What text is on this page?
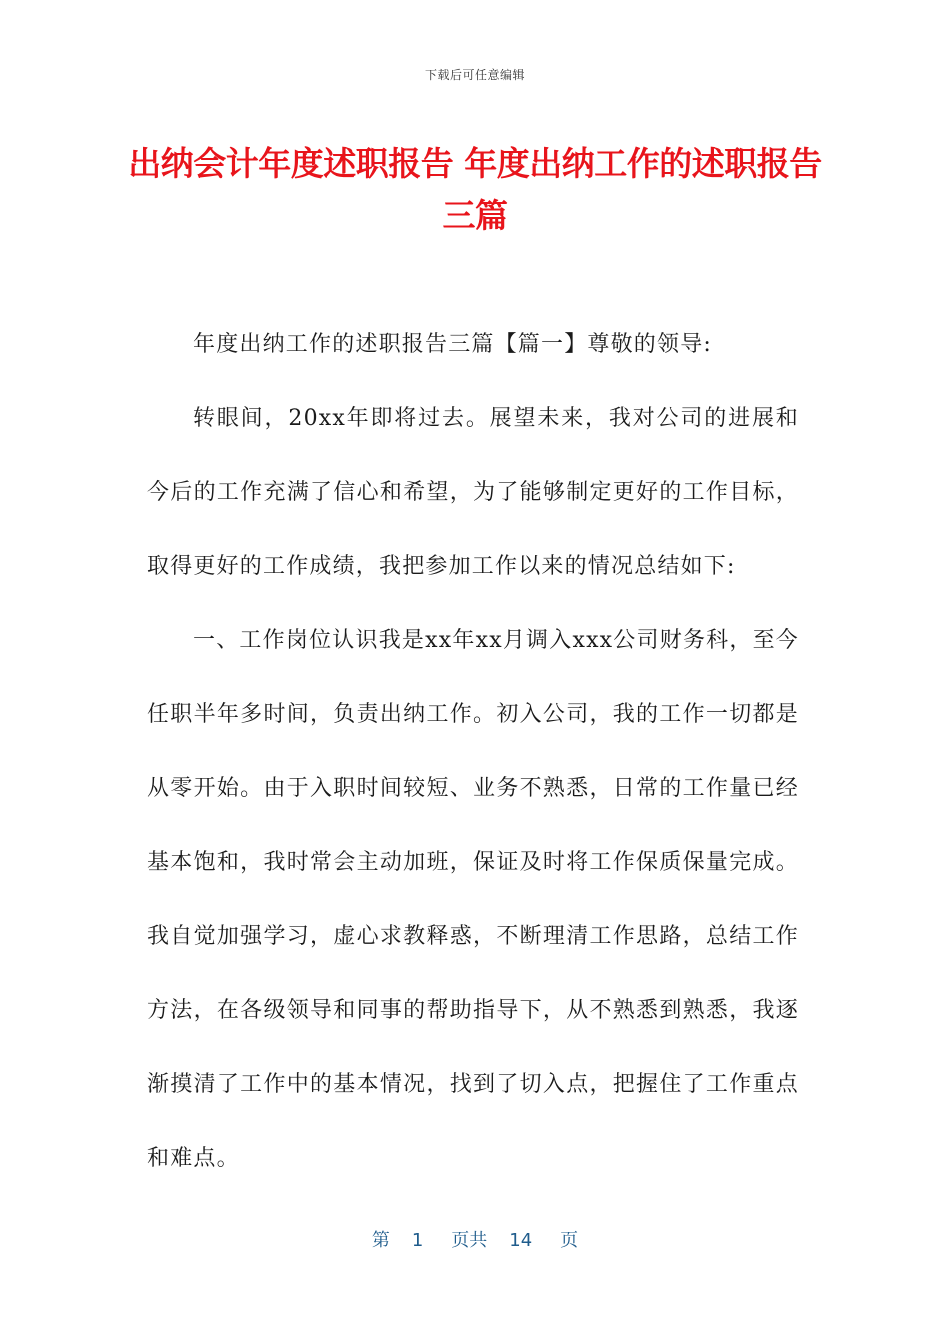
下载后可任意编辑
出纳会计年度述职报告 年度出纳工作的述职报告三篇

年度出纳工作的述职报告三篇【篇一】尊敬的领导:

转眼间，20xx年即将过去。展望未来，我对公司的进展和今后的工作充满了信心和希望，为了能够制定更好的工作目标，取得更好的工作成绩，我把参加工作以来的情况总结如下:

一、工作岗位认识我是xx年xx月调入xxx公司财务科，至今任职半年多时间，负责出纳工作。初入公司，我的工作一切都是从零开始。由于入职时间较短、业务不熟悉，日常的工作量已经基本饱和，我时常会主动加班，保证及时将工作保质保量完成。我自觉加强学习，虚心求教释惑，不断理清工作思路，总结工作方法，在各级领导和同事的帮助指导下，从不熟悉到熟悉，我逐渐摸清了工作中的基本情况，找到了切入点，把握住了工作重点和难点。

第 1 页共 14 页
